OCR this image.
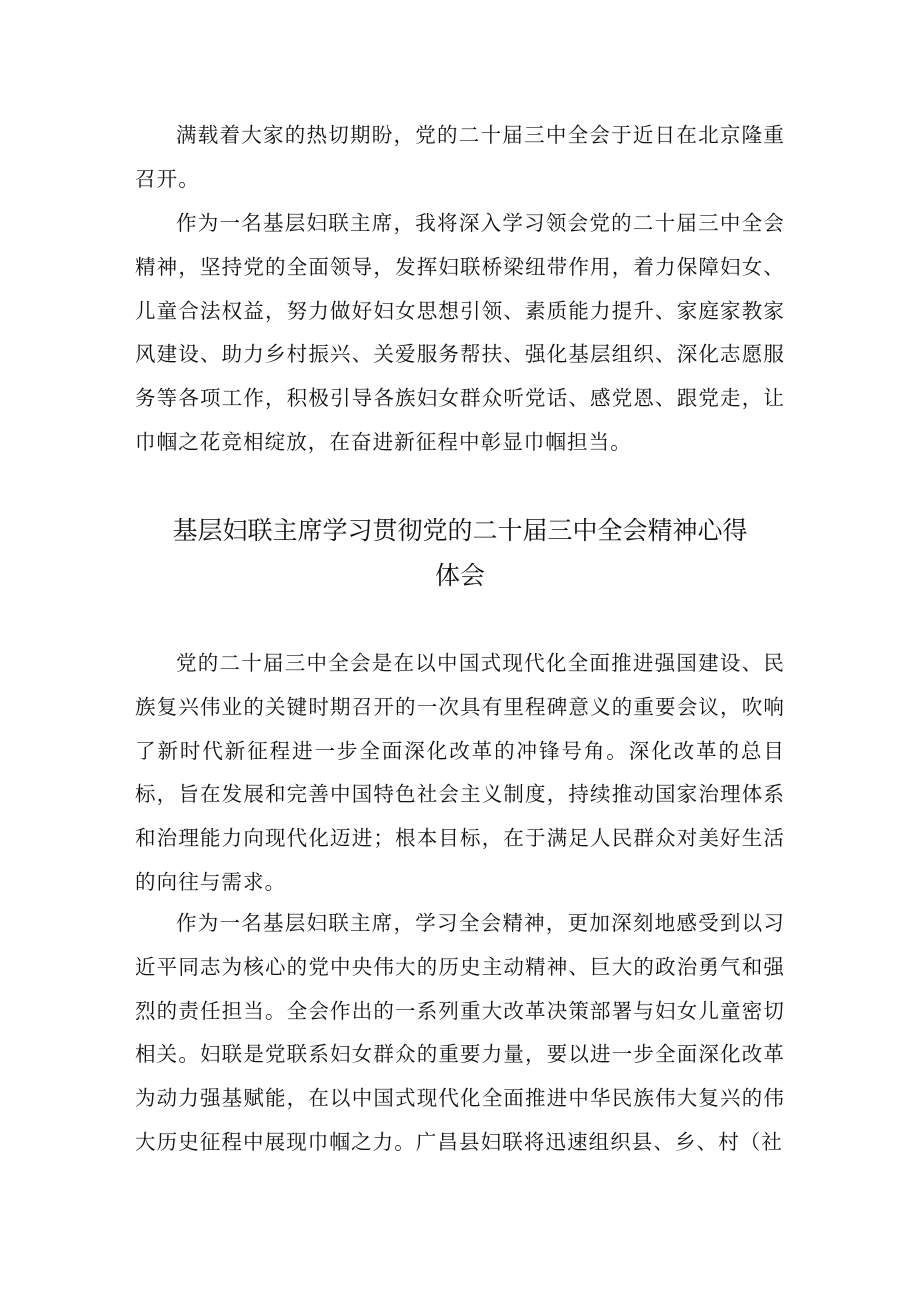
满载着大家的热切期盼，党的二十届三中全会于近日在北京隆重召开。

作为一名基层妇联主席，我将深入学习领会党的二十届三中全会精神，坚持党的全面领导，发挥妇联桥梁纽带作用，着力保障妇女、儿童合法权益，努力做好妇女思想引领、素质能力提升、家庭家教家风建设、助力乡村振兴、关爱服务帮扶、强化基层组织、深化志愿服务等各项工作，积极引导各族妇女群众听党话、感党恩、跟党走，让巾帼之花竞相绽放，在奋进新征程中彰显巾帼担当。

基层妇联主席学习贯彻党的二十届三中全会精神心得体会

党的二十届三中全会是在以中国式现代化全面推进强国建设、民族复兴伟业的关键时期召开的一次具有里程碑意义的重要会议，吹响了新时代新征程进一步全面深化改革的冲锋号角。深化改革的总目标，旨在发展和完善中国特色社会主义制度，持续推动国家治理体系和治理能力向现代化迈进；根本目标，在于满足人民群众对美好生活的向往与需求。

作为一名基层妇联主席，学习全会精神，更加深刻地感受到以习近平同志为核心的党中央伟大的历史主动精神、巨大的政治勇气和强烈的责任担当。全会作出的一系列重大改革决策部署与妇女儿童密切相关。妇联是党联系妇女群众的重要力量，要以进一步全面深化改革为动力强基赋能，在以中国式现代化全面推进中华民族伟大复兴的伟大历史征程中展现巾帼之力。广昌县妇联将迅速组织县、乡、村（社
